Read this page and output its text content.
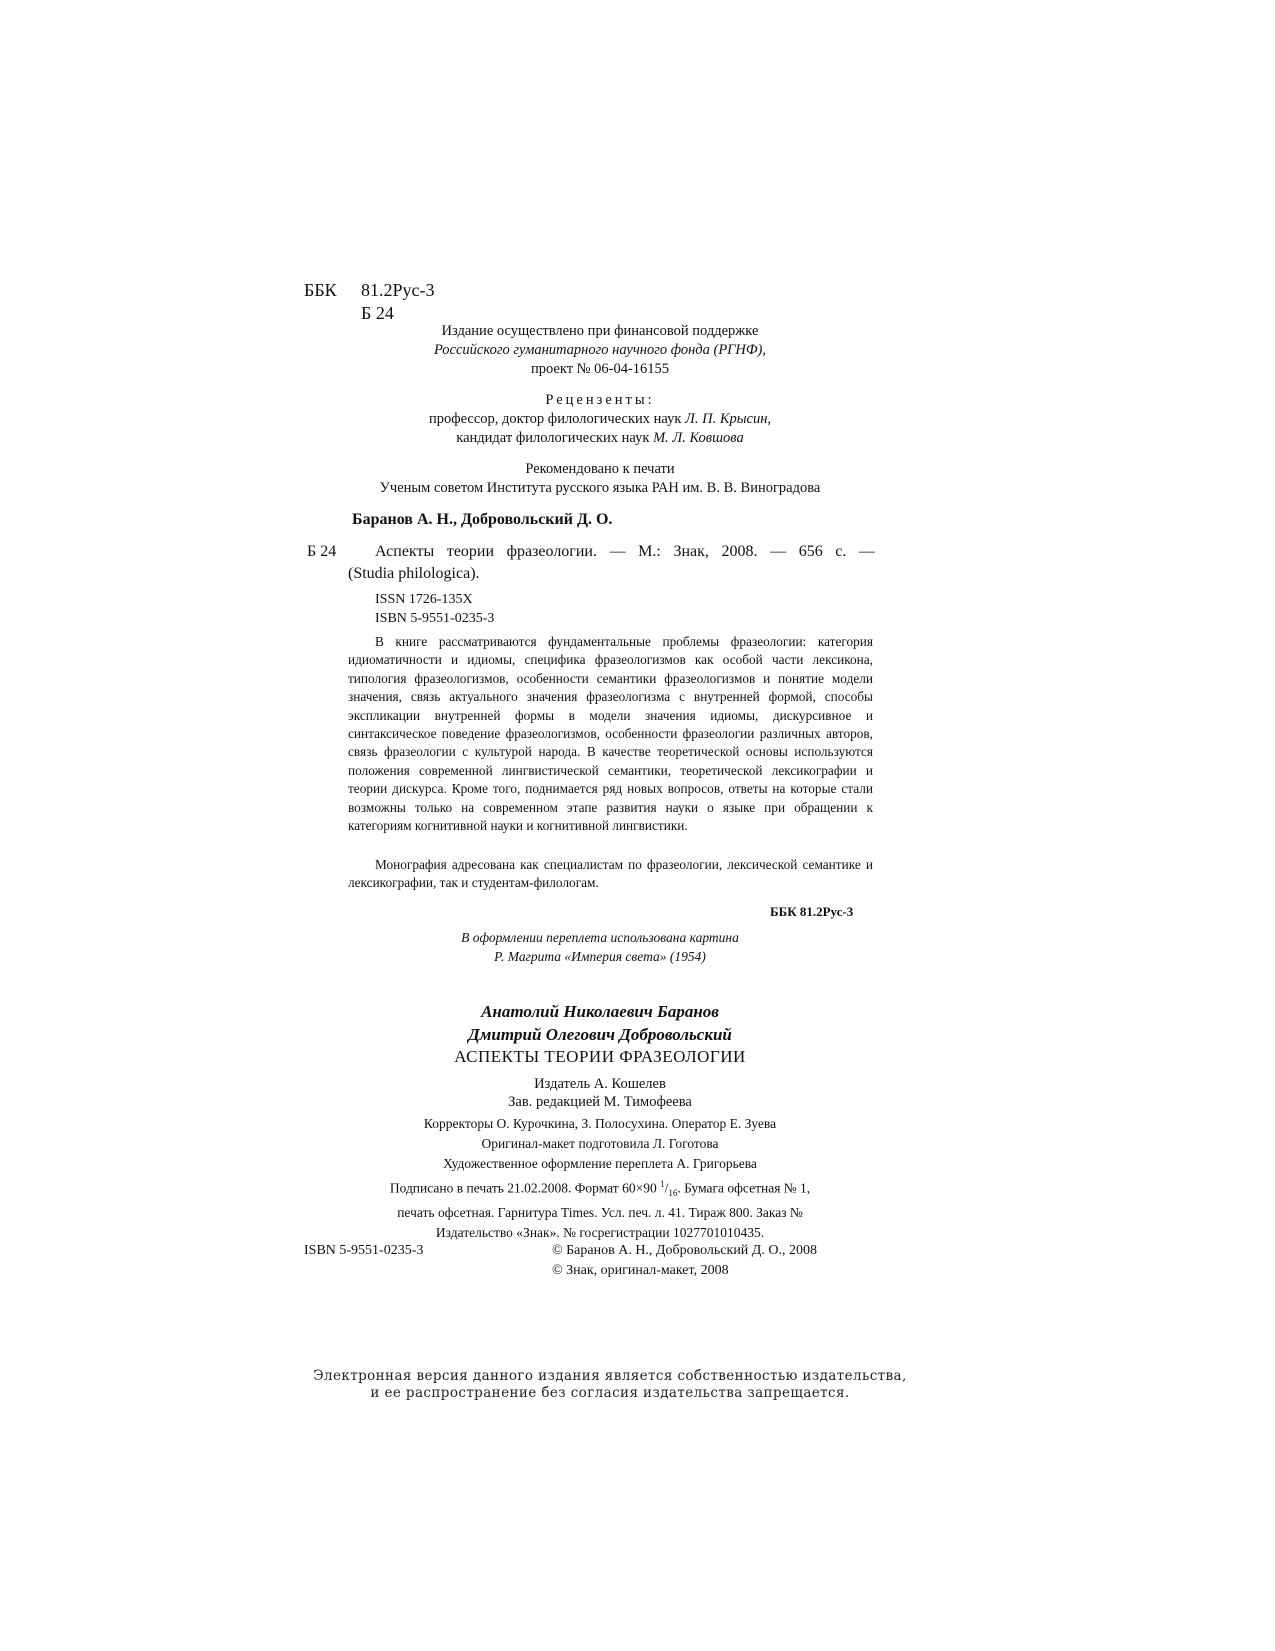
ББК 81.2Рус-3
Б 24
Издание осуществлено при финансовой поддержке
Российского гуманитарного научного фонда (РГНФ),
проект № 06-04-16155
Рецензенты:
профессор, доктор филологических наук Л. П. Крысин,
кандидат филологических наук М. Л. Ковшова
Рекомендовано к печати
Ученым советом Института русского языка РАН им. В. В. Виноградова
Баранов А. Н., Добровольский Д. О.
Б 24 Аспекты теории фразеологии. — М.: Знак, 2008. — 656 с. —
(Studia philologica).
ISSN 1726-135X
ISBN 5-9551-0235-3

В книге рассматриваются фундаментальные проблемы фразеологии: категория идиоматичности и идиомы, специфика фразеологизмов как особой части лексикона, типология фразеологизмов, особенности семантики фразеологизмов и понятие модели значения, связь актуального значения фразеологизма с внутренней формой, способы экспликации внутренней формы в модели значения идиомы, дискурсивное и синтаксическое поведение фразеологизмов, особенности фразеологии различных авторов, связь фразеологии с культурой народа. В качестве теоретической основы используются положения современной лингвистической семантики, теоретической лексикографии и теории дискурса. Кроме того, поднимается ряд новых вопросов, ответы на которые стали возможны только на современном этапе развития науки о языке при обращении к категориям когнитивной науки и когнитивной лингвистики.

Монография адресована как специалистам по фразеологии, лексической семантике и лексикографии, так и студентам-филологам.

ББК 81.2Рус-3
В оформлении переплета использована картина
Р. Магрита «Империя света» (1954)
Анатолий Николаевич Баранов
Дмитрий Олегович Добровольский
АСПЕКТЫ ТЕОРИИ ФРАЗЕОЛОГИИ
Издатель А. Кошелев
Зав. редакцией М. Тимофеева
Корректоры О. Курочкина, З. Полосухина. Оператор Е. Зуева
Оригинал-макет подготовила Л. Гоготова
Художественное оформление переплета А. Григорьева
Подписано в печать 21.02.2008. Формат 60×90 $^1/_{16}$. Бумага офсетная № 1,
печать офсетная. Гарнитура Times. Усл. печ. л. 41. Тираж 800. Заказ №
Издательство «Знак». № госрегистрации 1027701010435.
ISBN 5-9551-0235-3	© Баранов А. Н., Добровольский Д. О., 2008
© Знак, оригинал-макет, 2008
Электронная версия данного издания является собственностью издательства,
и ее распространение без согласия издательства запрещается.
